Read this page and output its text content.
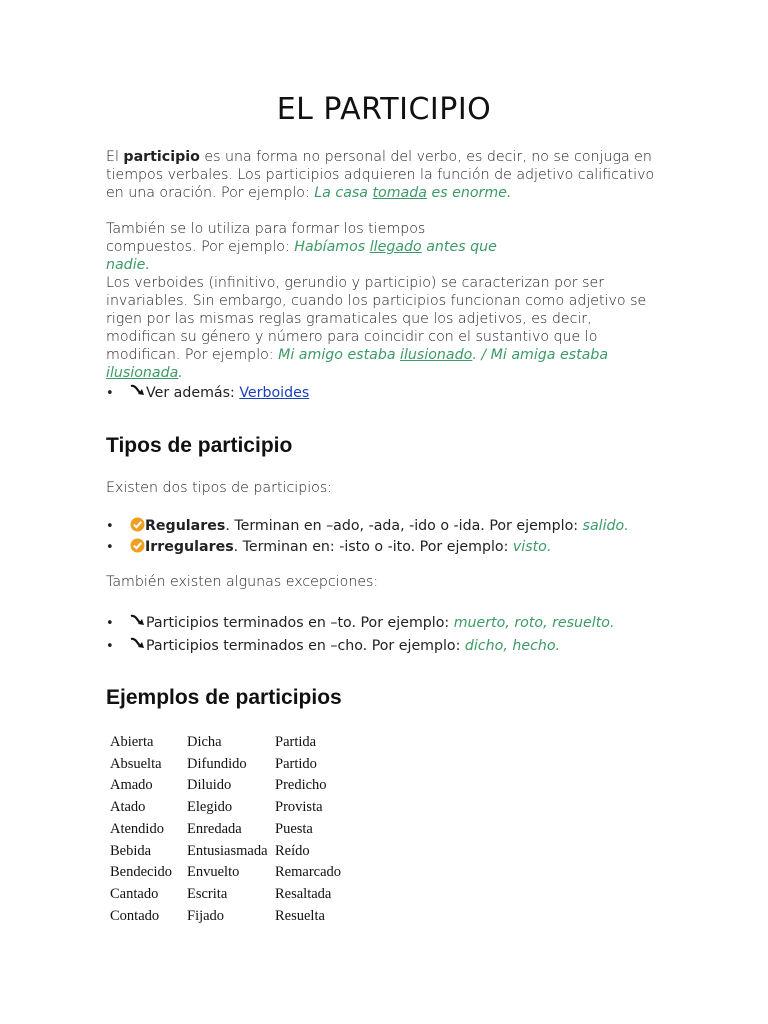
EL PARTICIPIO
El participio es una forma no personal del verbo, es decir, no se conjuga en tiempos verbales. Los participios adquieren la función de adjetivo calificativo en una oración. Por ejemplo: La casa tomada es enorme.
También se lo utiliza para formar los tiempos compuestos. Por ejemplo: Habíamos llegado antes que nadie.
Los verboides (infinitivo, gerundio y participio) se caracterizan por ser invariables. Sin embargo, cuando los participios funcionan como adjetivo se rigen por las mismas reglas gramaticales que los adjetivos, es decir, modifican su género y número para coincidir con el sustantivo que lo modifican. Por ejemplo: Mi amigo estaba ilusionado. / Mi amiga estaba ilusionada.
• Ver además: Verboides
Tipos de participio
Existen dos tipos de participios:
• Regulares. Terminan en –ado, -ada, -ido o -ida. Por ejemplo: salido.
• Irregulares. Terminan en: -isto o -ito. Por ejemplo: visto.
También existen algunas excepciones:
• Participios terminados en –to. Por ejemplo: muerto, roto, resuelto.
• Participios terminados en –cho. Por ejemplo: dicho, hecho.
Ejemplos de participios
Abierta	Dicha	Partida
Absuelta	Difundido	Partido
Amado	Diluido	Predicho
Atado	Elegido	Provista
Atendido	Enredada	Puesta
Bebida	Entusiasmada	Reído
Bendecido	Envuelto	Remarcado
Cantado	Escrita	Resaltada
Contado	Fijado	Resuelta
